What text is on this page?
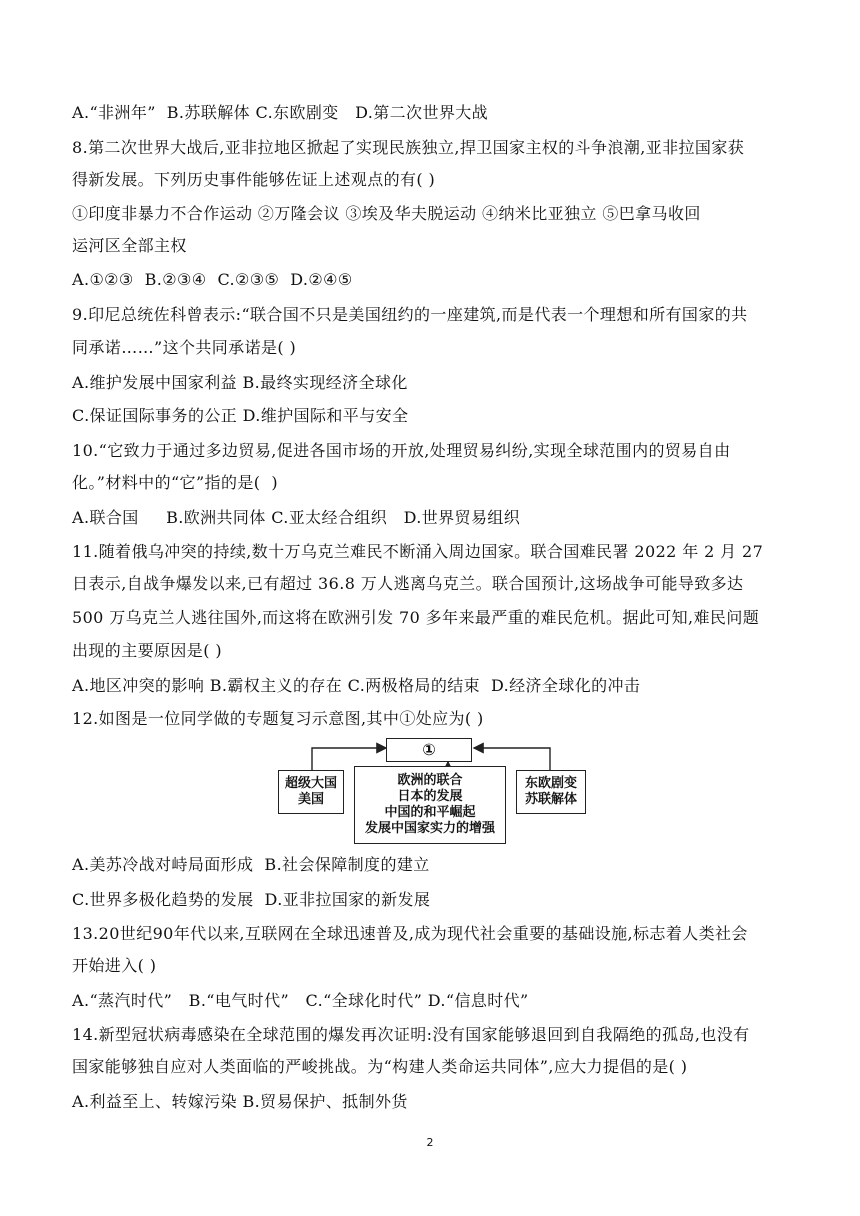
A.“非洲年”  B.苏联解体 C.东欧剧变   D.第二次世界大战
8.第二次世界大战后,亚非拉地区掀起了实现民族独立,捍卫国家主权的斗争浪潮,亚非拉国家获
得新发展。下列历史事件能够佐证上述观点的有( )
①印度非暴力不合作运动 ②万隆会议 ③埃及华夫脱运动 ④纳米比亚独立 ⑤巴拿马收回
运河区全部主权
A.①②③  B.②③④  C.②③⑤  D.②④⑤
9.印尼总统佐科曾表示:“联合国不只是美国纽约的一座建筑,而是代表一个理想和所有国家的共
同承诺……”这个共同承诺是( )
A.维护发展中国家利益 B.最终实现经济全球化
C.保证国际事务的公正 D.维护国际和平与安全
10.“它致力于通过多边贸易,促进各国市场的开放,处理贸易纠纷,实现全球范围内的贸易自由
化。”材料中的“它”指的是(  )
A.联合国     B.欧洲共同体 C.亚太经合组织   D.世界贸易组织
11.随着俄乌冲突的持续,数十万乌克兰难民不断涌入周边国家。联合国难民署 2022 年 2 月 27
日表示,自战争爆发以来,已有超过 36.8 万人逃离乌克兰。联合国预计,这场战争可能导致多达
500 万乌克兰人逃往国外,而这将在欧洲引发 70 多年来最严重的难民危机。据此可知,难民问题
出现的主要原因是( )
A.地区冲突的影响 B.霸权主义的存在 C.两极格局的结束  D.经济全球化的冲击
12.如图是一位同学做的专题复习示意图,其中①处应为( )
①
超级大国
美国
欧洲的联合
日本的发展
中国的和平崛起
发展中国家实力的增强
东欧剧变
苏联解体
A.美苏冷战对峙局面形成  B.社会保障制度的建立
C.世界多极化趋势的发展  D.亚非拉国家的新发展
13.20世纪90年代以来,互联网在全球迅速普及,成为现代社会重要的基础设施,标志着人类社会
开始进入( )
A.“蒸汽时代”   B.“电气时代”   C.“全球化时代” D.“信息时代”
14.新型冠状病毒感染在全球范围的爆发再次证明:没有国家能够退回到自我隔绝的孤岛,也没有
国家能够独自应对人类面临的严峻挑战。为“构建人类命运共同体”,应大力提倡的是( )
A.利益至上、转嫁污染 B.贸易保护、抵制外货
2
